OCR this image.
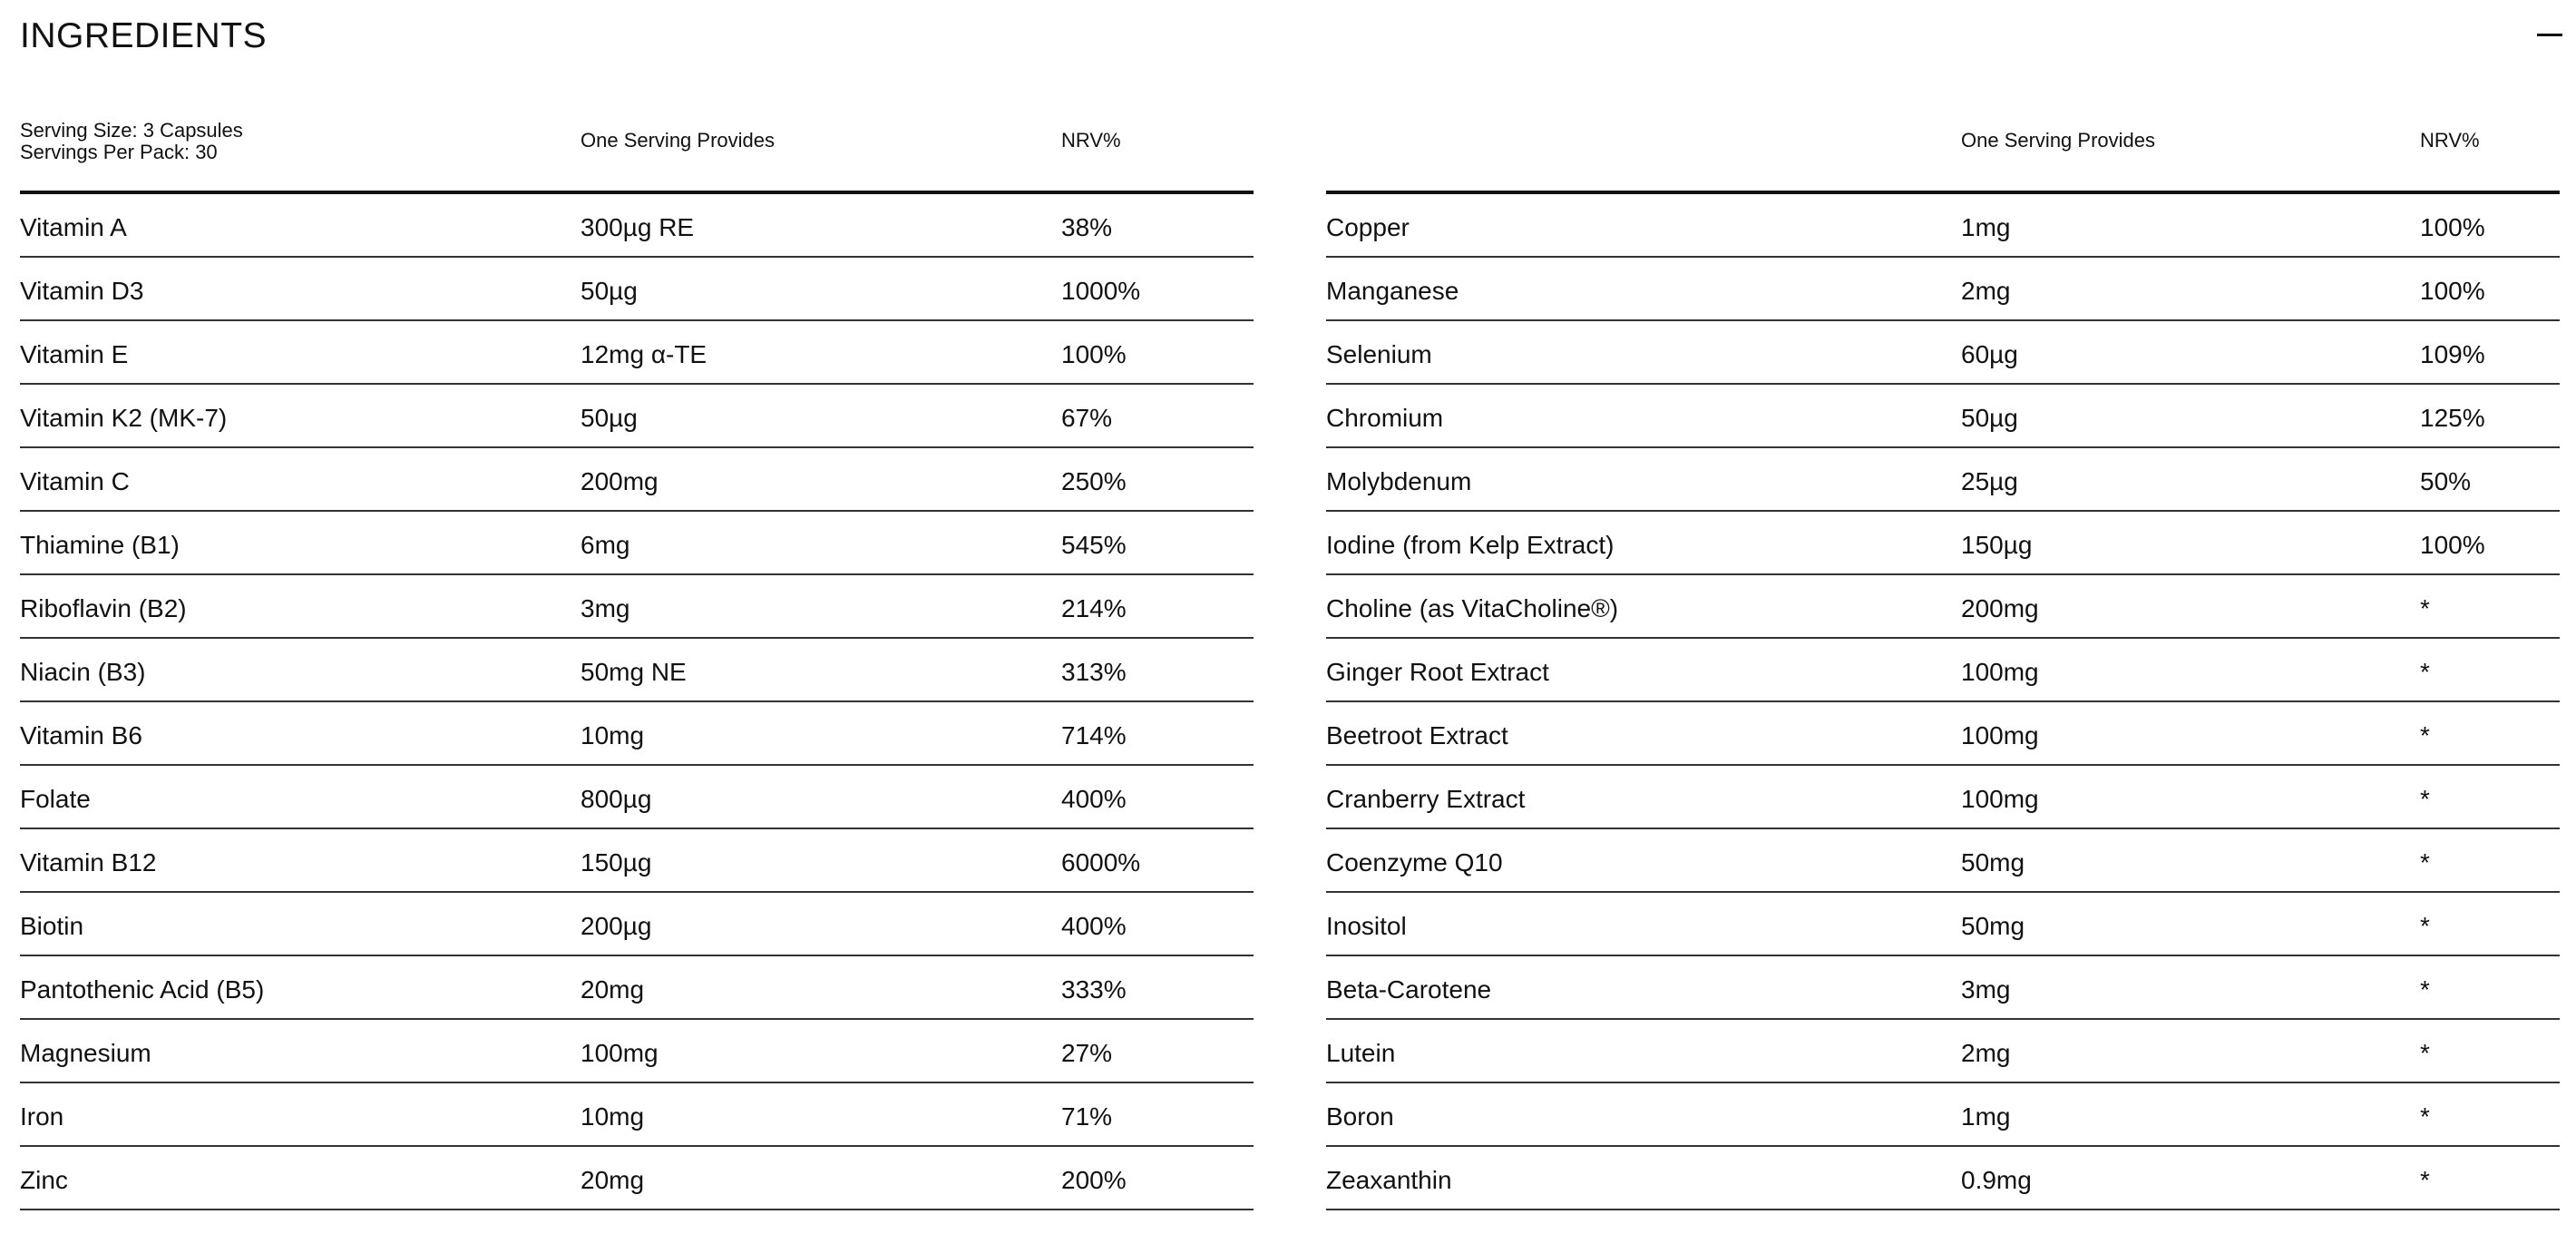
INGREDIENTS
Serving Size: 3 Capsules
Servings Per Pack: 30
One Serving Provides	NRV%
Vitamin A	300µg RE	38%
Vitamin D3	50µg	1000%
Vitamin E	12mg α-TE	100%
Vitamin K2 (MK-7)	50µg	67%
Vitamin C	200mg	250%
Thiamine (B1)	6mg	545%
Riboflavin (B2)	3mg	214%
Niacin (B3)	50mg NE	313%
Vitamin B6	10mg	714%
Folate	800µg	400%
Vitamin B12	150µg	6000%
Biotin	200µg	400%
Pantothenic Acid (B5)	20mg	333%
Magnesium	100mg	27%
Iron	10mg	71%
Zinc	20mg	200%
One Serving Provides	NRV%
Copper	1mg	100%
Manganese	2mg	100%
Selenium	60µg	109%
Chromium	50µg	125%
Molybdenum	25µg	50%
Iodine (from Kelp Extract)	150µg	100%
Choline (as VitaCholine®)	200mg	*
Ginger Root Extract	100mg	*
Beetroot Extract	100mg	*
Cranberry Extract	100mg	*
Coenzyme Q10	50mg	*
Inositol	50mg	*
Beta-Carotene	3mg	*
Lutein	2mg	*
Boron	1mg	*
Zeaxanthin	0.9mg	*
